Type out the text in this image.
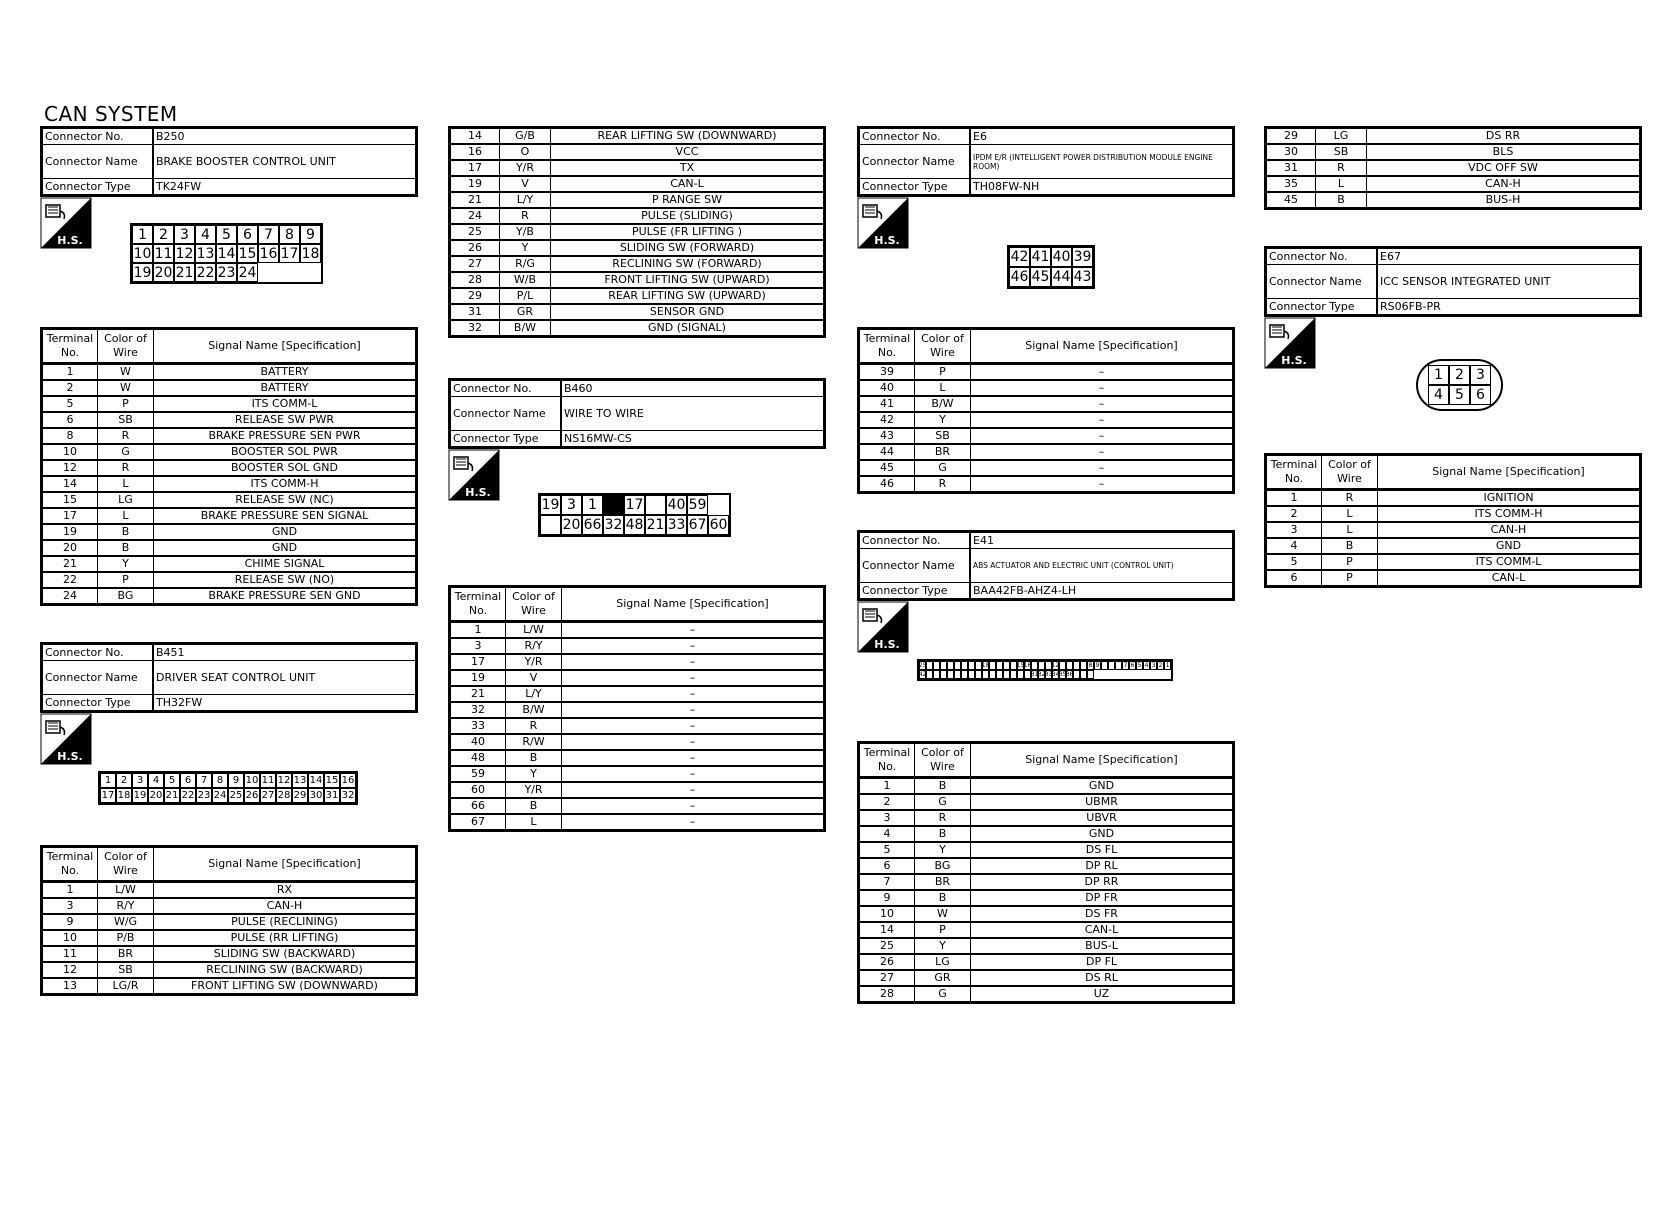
CAN SYSTEM
Connector No.	B250
Connector Name	BRAKE BOOSTER CONTROL UNIT
Connector Type	TK24FW
H.S.	1 2 3 4 5 6 7 8 9
10 11 12 13 14 15 16 17 18
19 20 21 22 23 24
Terminal No.	Color of Wire	Signal Name [Specification]
1	W	BATTERY
2	W	BATTERY
5	P	ITS COMM-L
6	SB	RELEASE SW PWR
8	R	BRAKE PRESSURE SEN PWR
10	G	BOOSTER SOL PWR
12	R	BOOSTER SOL GND
14	L	ITS COMM-H
15	LG	RELEASE SW (NC)
17	L	BRAKE PRESSURE SEN SIGNAL
19	B	GND
20	B	GND
21	Y	CHIME SIGNAL
22	P	RELEASE SW (NO)
24	BG	BRAKE PRESSURE SEN GND
Connector No.	B451
Connector Name	DRIVER SEAT CONTROL UNIT
Connector Type	TH32FW
H.S.
1 2 3 4 5 6 7 8 9 10 11 12 13 14 15 16
17 18 19 20 21 22 23 24 25 26 27 28 29 30 31 32
Terminal No.	Color of Wire	Signal Name [Specification]
1	L/W	RX
3	R/Y	CAN-H
9	W/G	PULSE (RECLINING)
10	P/B	PULSE (RR LIFTING)
11	BR	SLIDING SW (BACKWARD)
12	SB	RECLINING SW (BACKWARD)
13	LG/R	FRONT LIFTING SW (DOWNWARD)
14	G/B	REAR LIFTING SW (DOWNWARD)
16	O	VCC
17	Y/R	TX
19	V	CAN-L
21	L/Y	P RANGE SW
24	R	PULSE (SLIDING)
25	Y/B	PULSE (FR LIFTING )
26	Y	SLIDING SW (FORWARD)
27	R/G	RECLINING SW (FORWARD)
28	W/B	FRONT LIFTING SW (UPWARD)
29	P/L	REAR LIFTING SW (UPWARD)
31	GR	SENSOR GND
32	B/W	GND (SIGNAL)
Connector No.	B460
Connector Name	WIRE TO WIRE
Connector Type	NS16MW-CS
H.S.
19 3 1	17 40 59
20 66 32 48 21 33 67 60
Terminal No.	Color of Wire	Signal Name [Specification]
1	L/W	–
3	R/Y	–
17	Y/R	–
19	V	–
21	L/Y	–
32	B/W	–
33	R	–
40	R/W	–
48	B	–
59	Y	–
60	Y/R	–
66	B	–
67	L	–
Connector No.	E6
Connector Name	IPDM E/R (INTELLIGENT POWER DISTRIBUTION MODULE ENGINE ROOM)
Connector Type	TH08FW-NH
H.S.
42 41 40 39
46 45 44 43
Terminal No.	Color of Wire	Signal Name [Specification]
39	P	–
40	L	–
41	B/W	–
42	Y	–
43	SB	–
44	BR	–
45	G	–
46	R	–
Connector No.	E41
Connector Name	ABS ACTUATOR AND ELECTRIC UNIT (CONTROL UNIT)
Connector Type	BAA42FB-AHZ4-LH
H.S.
25	18	15 16	12	8 9	7 6 5 4 3 2 1
42	31 32 33 34 35 36
Terminal No.	Color of Wire	Signal Name [Specification]
1	B	GND
2	G	UBMR
3	R	UBVR
4	B	GND
5	Y	DS FL
6	BG	DP RL
7	BR	DP RR
9	B	DP FR
10	W	DS FR
14	P	CAN-L
25	Y	BUS-L
26	LG	DP FL
27	GR	DS RL
28	G	UZ
29	LG	DS RR
30	SB	BLS
31	R	VDC OFF SW
35	L	CAN-H
45	B	BUS-H
Connector No.	E67
Connector Name	ICC SENSOR INTEGRATED UNIT
Connector Type	RS06FB-PR
H.S.
1 2 3
4 5 6
Terminal No.	Color of Wire	Signal Name [Specification]
1	R	IGNITION
2	L	ITS COMM-H
3	L	CAN-H
4	B	GND
5	P	ITS COMM-L
6	P	CAN-L
